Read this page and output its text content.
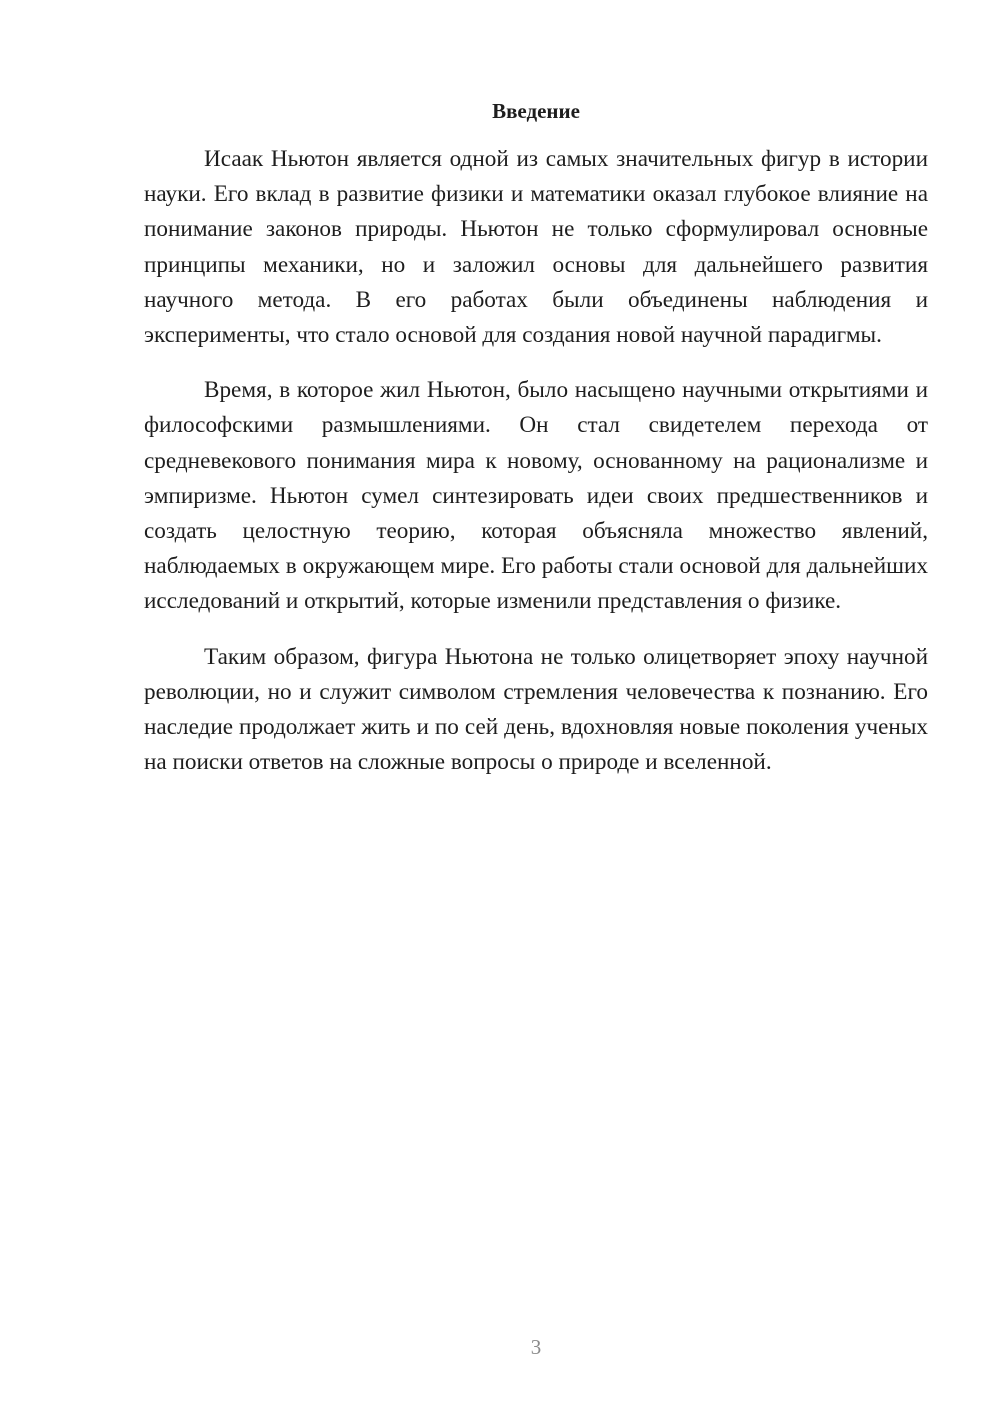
Введение

Исаак Ньютон является одной из самых значительных фигур в истории науки. Его вклад в развитие физики и математики оказал глубокое влияние на понимание законов природы. Ньютон не только сформулировал основные принципы механики, но и заложил основы для дальнейшего развития научного метода. В его работах были объединены наблюдения и эксперименты, что стало основой для создания новой научной парадигмы.

Время, в которое жил Ньютон, было насыщено научными открытиями и философскими размышлениями. Он стал свидетелем перехода от средневекового понимания мира к новому, основанному на рационализме и эмпиризме. Ньютон сумел синтезировать идеи своих предшественников и создать целостную теорию, которая объясняла множество явлений, наблюдаемых в окружающем мире. Его работы стали основой для дальнейших исследований и открытий, которые изменили представления о физике.

Таким образом, фигура Ньютона не только олицетворяет эпоху научной революции, но и служит символом стремления человечества к познанию. Его наследие продолжает жить и по сей день, вдохновляя новые поколения ученых на поиски ответов на сложные вопросы о природе и вселенной.

3
